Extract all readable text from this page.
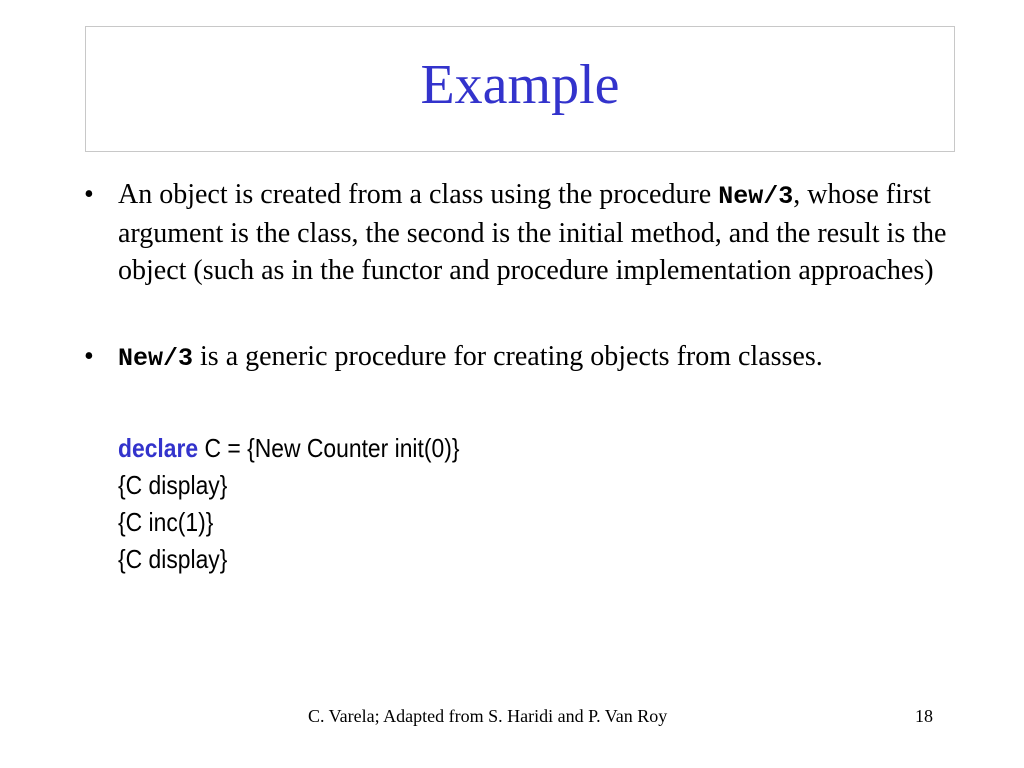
Example
• An object is created from a class using the procedure New/3, whose first argument is the class, the second is the initial method, and the result is the object (such as in the functor and procedure implementation approaches)
• New/3 is a generic procedure for creating objects from classes.
declare C = {New Counter init(0)}
{C display}
{C inc(1)}
{C display}
C. Varela; Adapted from S. Haridi and P. Van Roy	18
